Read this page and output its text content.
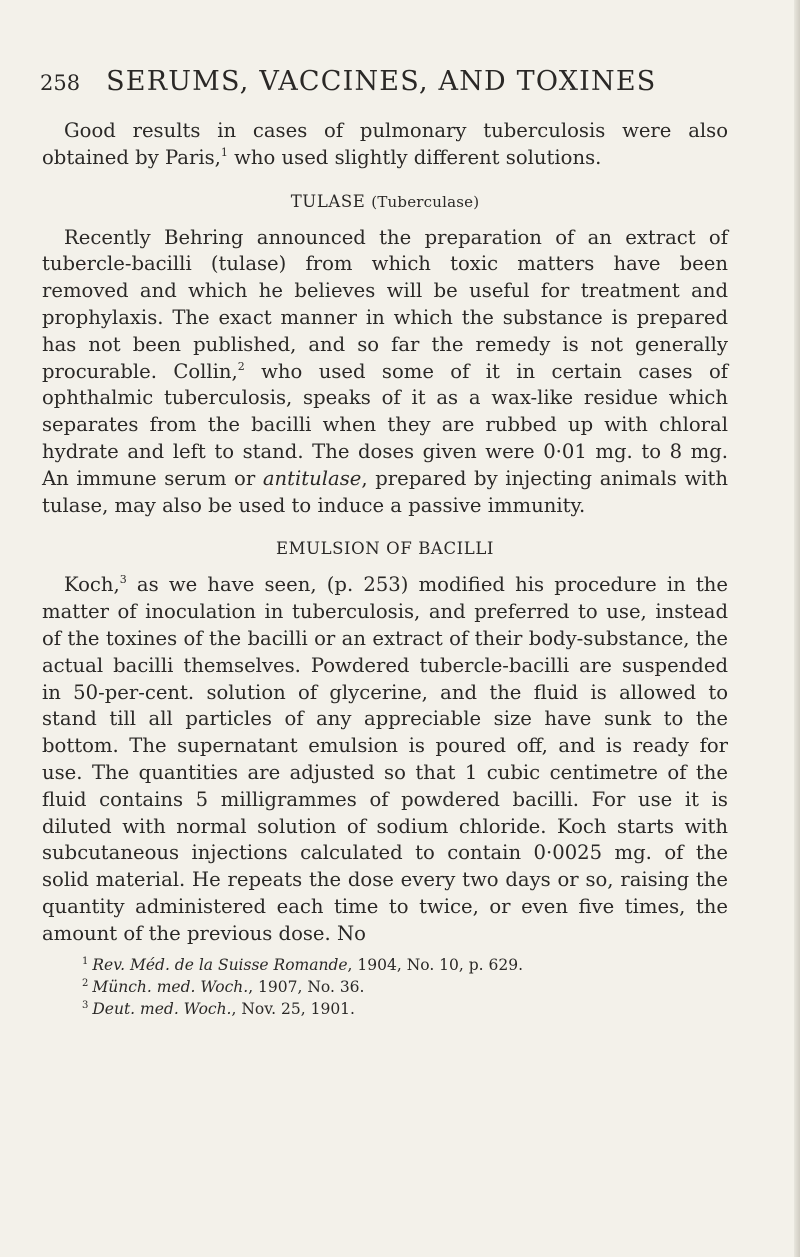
258 SERUMS, VACCINES, AND TOXINES

Good results in cases of pulmonary tuberculosis were also obtained by Paris,$^1$ who used slightly different solutions.

TULASE (Tuberculase)

Recently Behring announced the preparation of an extract of tubercle-bacilli (tulase) from which toxic matters have been removed and which he believes will be useful for treatment and prophylaxis. The exact manner in which the substance is prepared has not been published, and so far the remedy is not generally procurable. Collin,$^2$ who used some of it in certain cases of ophthalmic tuberculosis, speaks of it as a wax-like residue which separates from the bacilli when they are rubbed up with chloral hydrate and left to stand. The doses given were 0·01 mg. to 8 mg. An immune serum or antitulase, prepared by injecting animals with tulase, may also be used to induce a passive immunity.

EMULSION OF BACILLI

Koch,$^3$ as we have seen, (p. 253) modified his procedure in the matter of inoculation in tuberculosis, and preferred to use, instead of the toxines of the bacilli or an extract of their body-substance, the actual bacilli themselves. Powdered tubercle-bacilli are suspended in 50-per-cent. solution of glycerine, and the fluid is allowed to stand till all particles of any appreciable size have sunk to the bottom. The supernatant emulsion is poured off, and is ready for use. The quantities are adjusted so that 1 cubic centimetre of the fluid contains 5 milligrammes of powdered bacilli. For use it is diluted with normal solution of sodium chloride. Koch starts with subcutaneous injections calculated to contain 0·0025 mg. of the solid material. He repeats the dose every two days or so, raising the quantity administered each time to twice, or even five times, the amount of the previous dose. No

$^1$ Rev. Méd. de la Suisse Romande, 1904, No. 10, p. 629.
$^2$ Münch. med. Woch., 1907, No. 36.
$^3$ Deut. med. Woch., Nov. 25, 1901.
